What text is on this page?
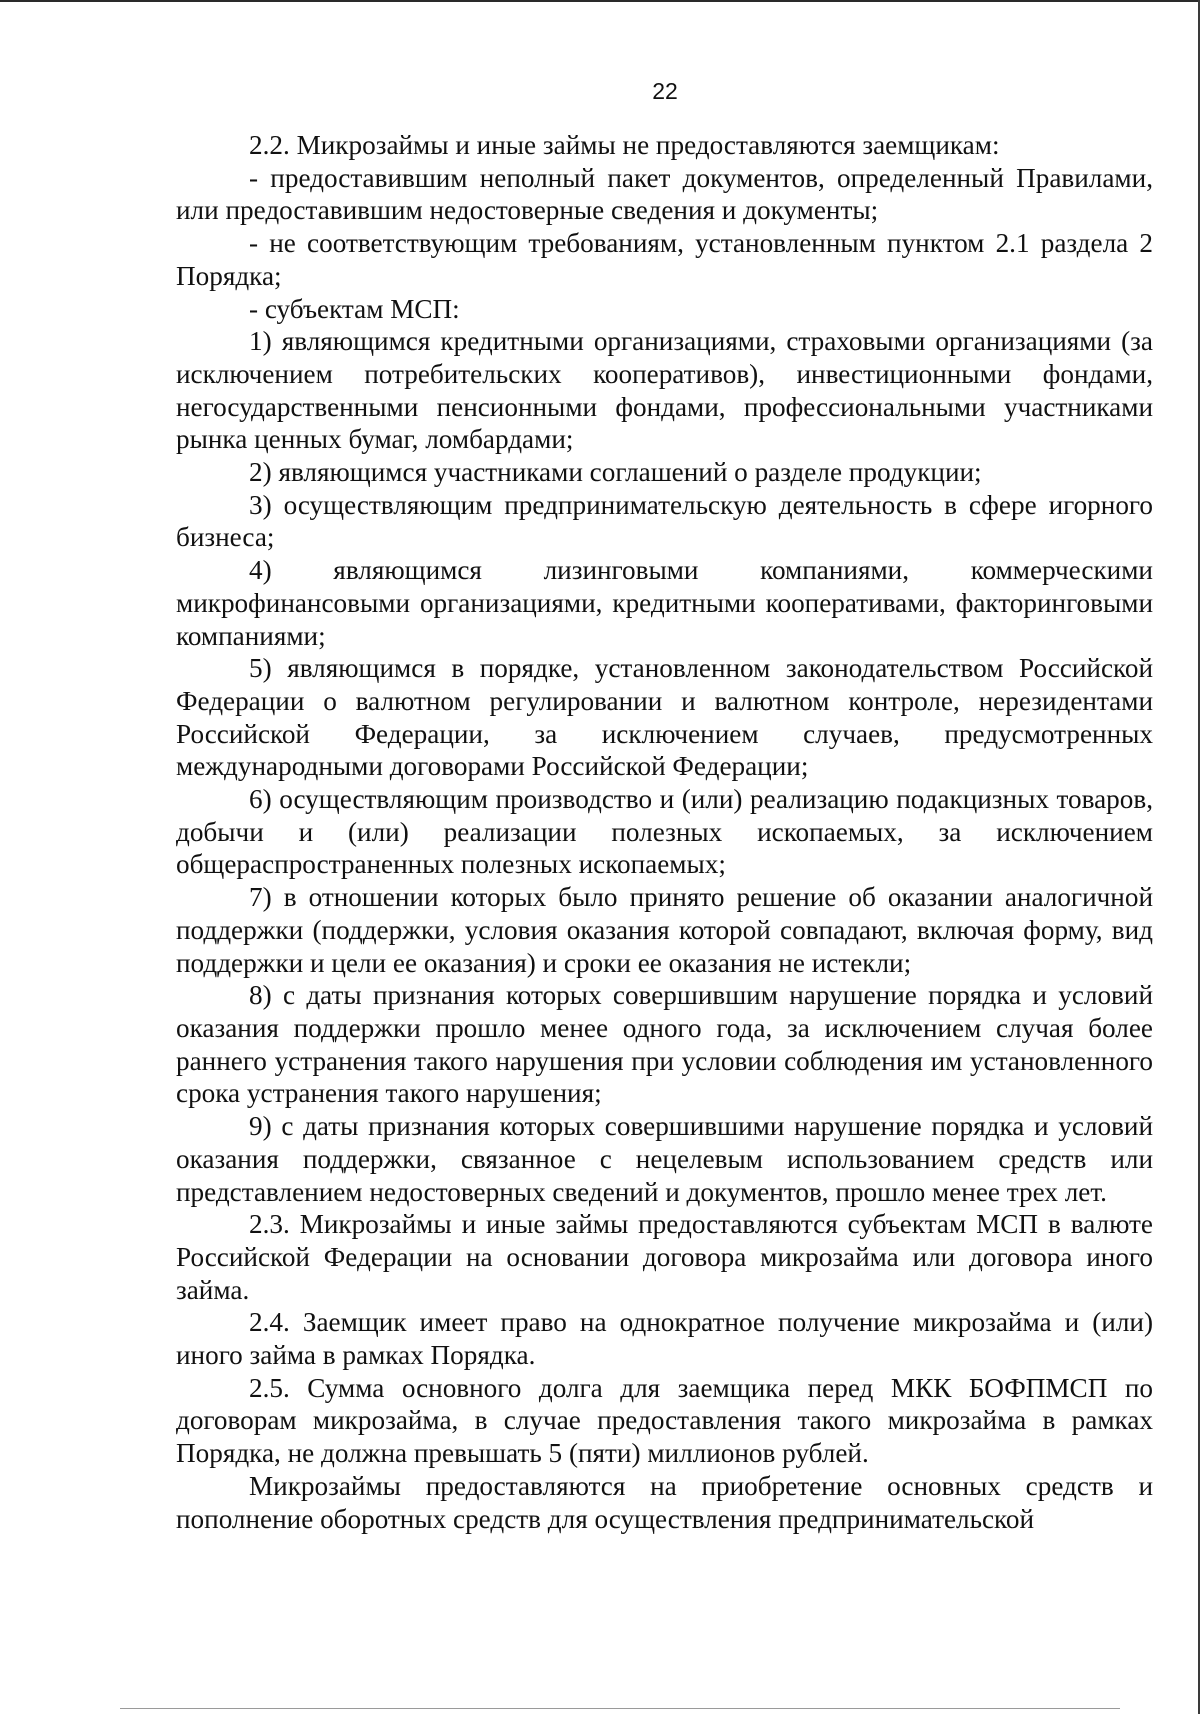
22

2.2. Микрозаймы и иные займы не предоставляются заемщикам:

- предоставившим неполный пакет документов, определенный Правилами, или предоставившим недостоверные сведения и документы;

- не соответствующим требованиям, установленным пунктом 2.1 раздела 2 Порядка;

- субъектам МСП:

1) являющимся кредитными организациями, страховыми организациями (за исключением потребительских кооперативов), инвестиционными фондами, негосударственными пенсионными фондами, профессиональными участниками рынка ценных бумаг, ломбардами;

2) являющимся участниками соглашений о разделе продукции;

3) осуществляющим предпринимательскую деятельность в сфере игорного бизнеса;

4) являющимся лизинговыми компаниями, коммерческими микрофинансовыми организациями, кредитными кооперативами, факторинговыми компаниями;

5) являющимся в порядке, установленном законодательством Российской Федерации о валютном регулировании и валютном контроле, нерезидентами Российской Федерации, за исключением случаев, предусмотренных международными договорами Российской Федерации;

6) осуществляющим производство и (или) реализацию подакцизных товаров, добычи и (или) реализации полезных ископаемых, за исключением общераспространенных полезных ископаемых;

7) в отношении которых было принято решение об оказании аналогичной поддержки (поддержки, условия оказания которой совпадают, включая форму, вид поддержки и цели ее оказания) и сроки ее оказания не истекли;

8) с даты признания которых совершившим нарушение порядка и условий оказания поддержки прошло менее одного года, за исключением случая более раннего устранения такого нарушения при условии соблюдения им установленного срока устранения такого нарушения;

9) с даты признания которых совершившими нарушение порядка и условий оказания поддержки, связанное с нецелевым использованием средств или представлением недостоверных сведений и документов, прошло менее трех лет.

2.3. Микрозаймы и иные займы предоставляются субъектам МСП в валюте Российской Федерации на основании договора микрозайма или договора иного займа.

2.4. Заемщик имеет право на однократное получение микрозайма и (или) иного займа в рамках Порядка.

2.5. Сумма основного долга для заемщика перед МКК БОФПМСП по договорам микрозайма, в случае предоставления такого микрозайма в рамках Порядка, не должна превышать 5 (пяти) миллионов рублей.

Микрозаймы предоставляются на приобретение основных средств и пополнение оборотных средств для осуществления предпринимательской
